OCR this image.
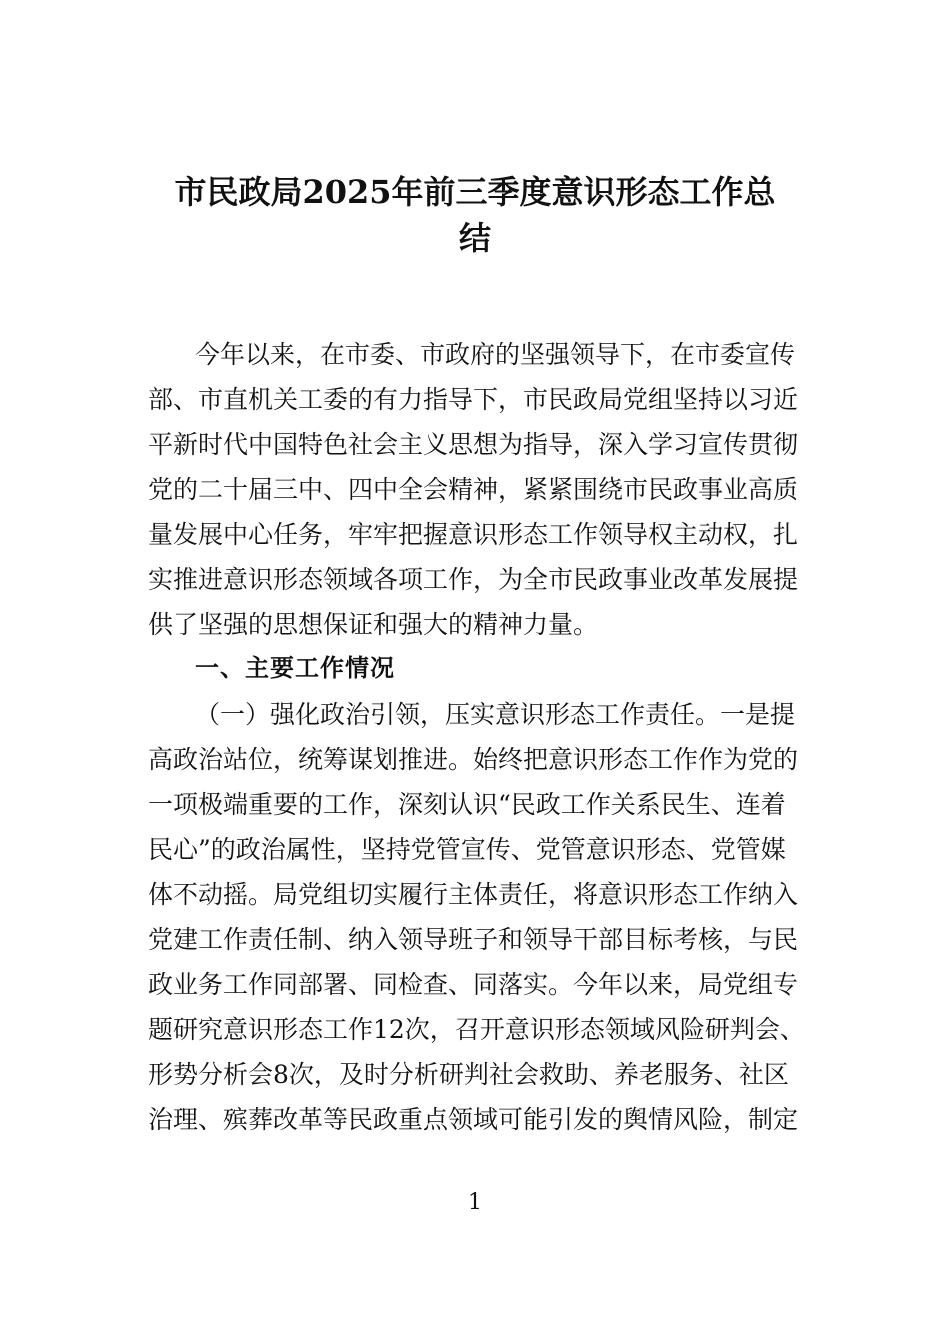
市民政局2025年前三季度意识形态工作总
结
今年以来，在市委、市政府的坚强领导下，在市委宣传
部、市直机关工委的有力指导下，市民政局党组坚持以习近
平新时代中国特色社会主义思想为指导，深入学习宣传贯彻
党的二十届三中、四中全会精神，紧紧围绕市民政事业高质
量发展中心任务，牢牢把握意识形态工作领导权主动权，扎
实推进意识形态领域各项工作，为全市民政事业改革发展提
供了坚强的思想保证和强大的精神力量。
一、主要工作情况
（一）强化政治引领，压实意识形态工作责任。一是提
高政治站位，统筹谋划推进。始终把意识形态工作作为党的
一项极端重要的工作，深刻认识“民政工作关系民生、连着
民心”的政治属性，坚持党管宣传、党管意识形态、党管媒
体不动摇。局党组切实履行主体责任，将意识形态工作纳入
党建工作责任制、纳入领导班子和领导干部目标考核，与民
政业务工作同部署、同检查、同落实。今年以来，局党组专
题研究意识形态工作12次，召开意识形态领域风险研判会、
形势分析会8次，及时分析研判社会救助、养老服务、社区
治理、殡葬改革等民政重点领域可能引发的舆情风险，制定
1
